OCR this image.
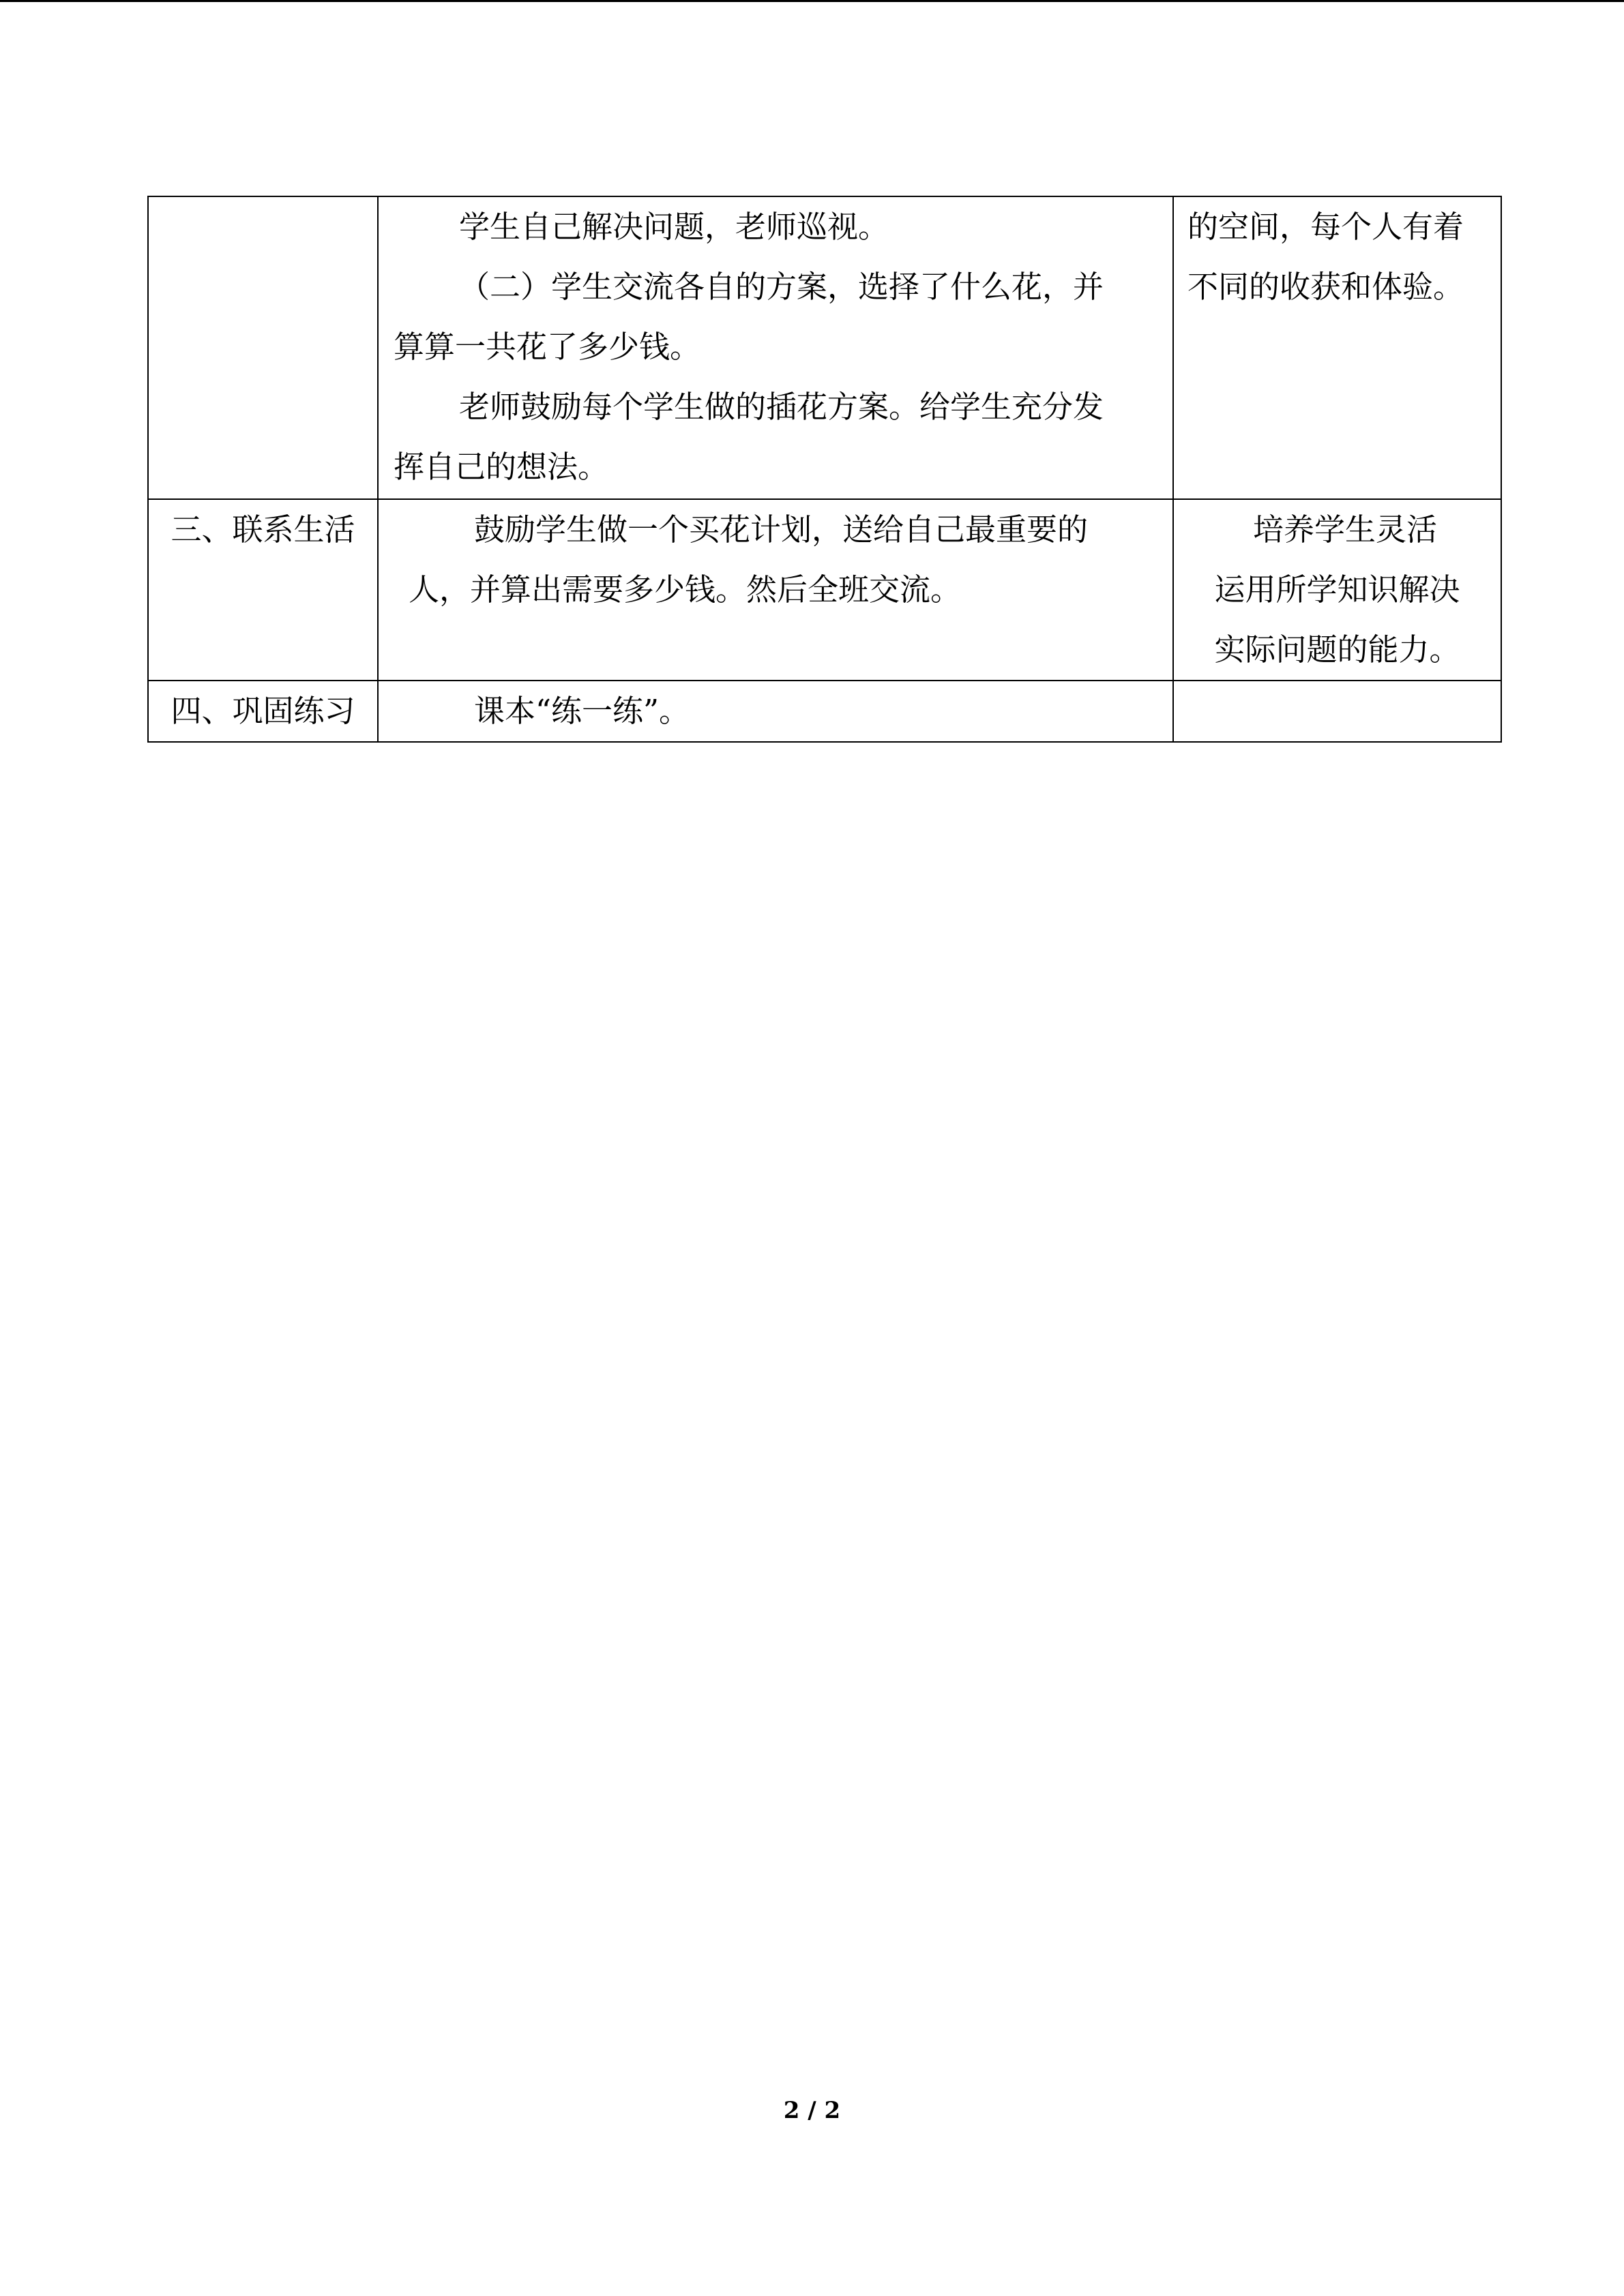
	学生自己解决问题，老师巡视。
（二）学生交流各自的方案，选择了什么花，并
算算一共花了多少钱。
老师鼓励每个学生做的插花方案。给学生充分发
挥自己的想法。	的空间，每个人有着
不同的收获和体验。

三、联系生活	鼓励学生做一个买花计划，送给自己最重要的
人，并算出需要多少钱。然后全班交流。	培养学生灵活
运用所学知识解决
实际问题的能力。

四、巩固练习	课本“练一练”。	

2 / 2
